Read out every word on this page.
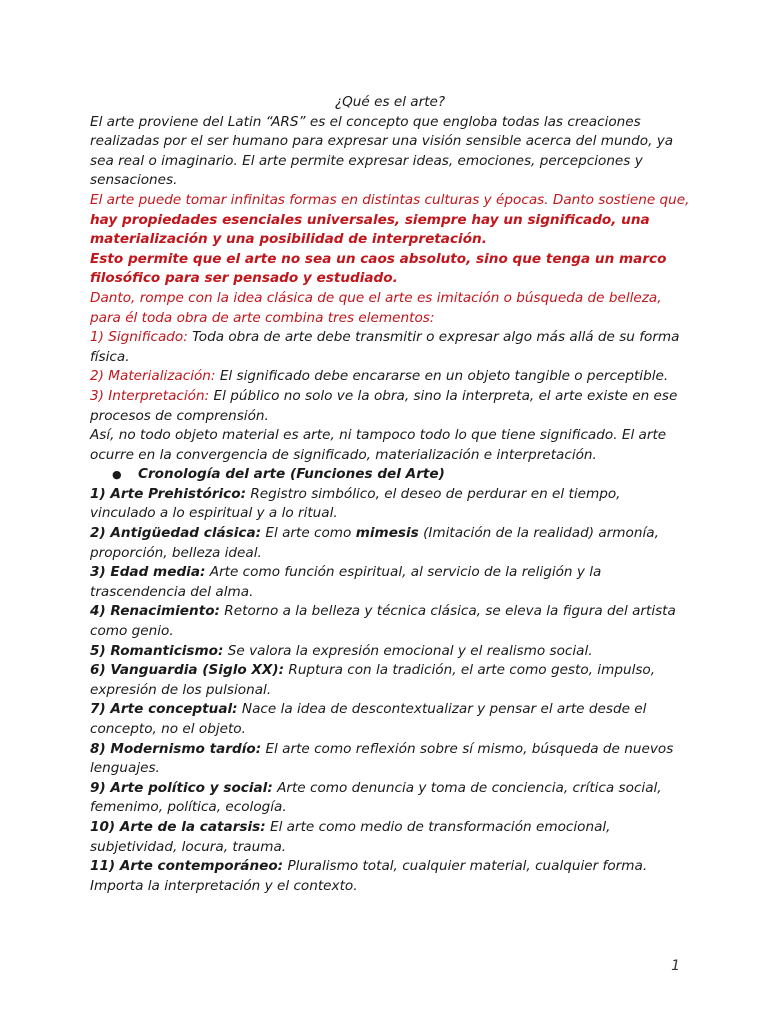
¿Qué es el arte?

El arte proviene del Latin “ARS” es el concepto que engloba todas las creaciones realizadas por el ser humano para expresar una visión sensible acerca del mundo, ya sea real o imaginario. El arte permite expresar ideas, emociones, percepciones y sensaciones.

El arte puede tomar infinitas formas en distintas culturas y épocas. Danto sostiene que, hay propiedades esenciales universales, siempre hay un significado, una materialización y una posibilidad de interpretación.

Esto permite que el arte no sea un caos absoluto, sino que tenga un marco filosófico para ser pensado y estudiado.

Danto, rompe con la idea clásica de que el arte es imitación o búsqueda de belleza, para él toda obra de arte combina tres elementos:

1) Significado: Toda obra de arte debe transmitir o expresar algo más allá de su forma física.

2) Materialización: El significado debe encararse en un objeto tangible o perceptible.

3) Interpretación: El público no solo ve la obra, sino la interpreta, el arte existe en ese procesos de comprensión.

Así, no todo objeto material es arte, ni tampoco todo lo que tiene significado. El arte ocurre en la convergencia de significado, materialización e interpretación.

●	Cronología del arte (Funciones del Arte)

1) Arte Prehistórico: Registro simbólico, el deseo de perdurar en el tiempo, vinculado a lo espiritual y a lo ritual.

2) Antigüedad clásica: El arte como mimesis (Imitación de la realidad) armonía, proporción, belleza ideal.

3) Edad media: Arte como función espiritual, al servicio de la religión y la trascendencia del alma.

4) Renacimiento: Retorno a la belleza y técnica clásica, se eleva la figura del artista como genio.

5) Romanticismo: Se valora la expresión emocional y el realismo social.

6) Vanguardia (Siglo XX): Ruptura con la tradición, el arte como gesto, impulso, expresión de los pulsional.

7) Arte conceptual: Nace la idea de descontextualizar y pensar el arte desde el concepto, no el objeto.

8) Modernismo tardío: El arte como reflexión sobre sí mismo, búsqueda de nuevos lenguajes.

9) Arte político y social: Arte como denuncia y toma de conciencia, crítica social, femenimo, política, ecología.

10) Arte de la catarsis: El arte como medio de transformación emocional, subjetividad, locura, trauma.

11) Arte contemporáneo: Pluralismo total, cualquier material, cualquier forma. Importa la interpretación y el contexto.

1
